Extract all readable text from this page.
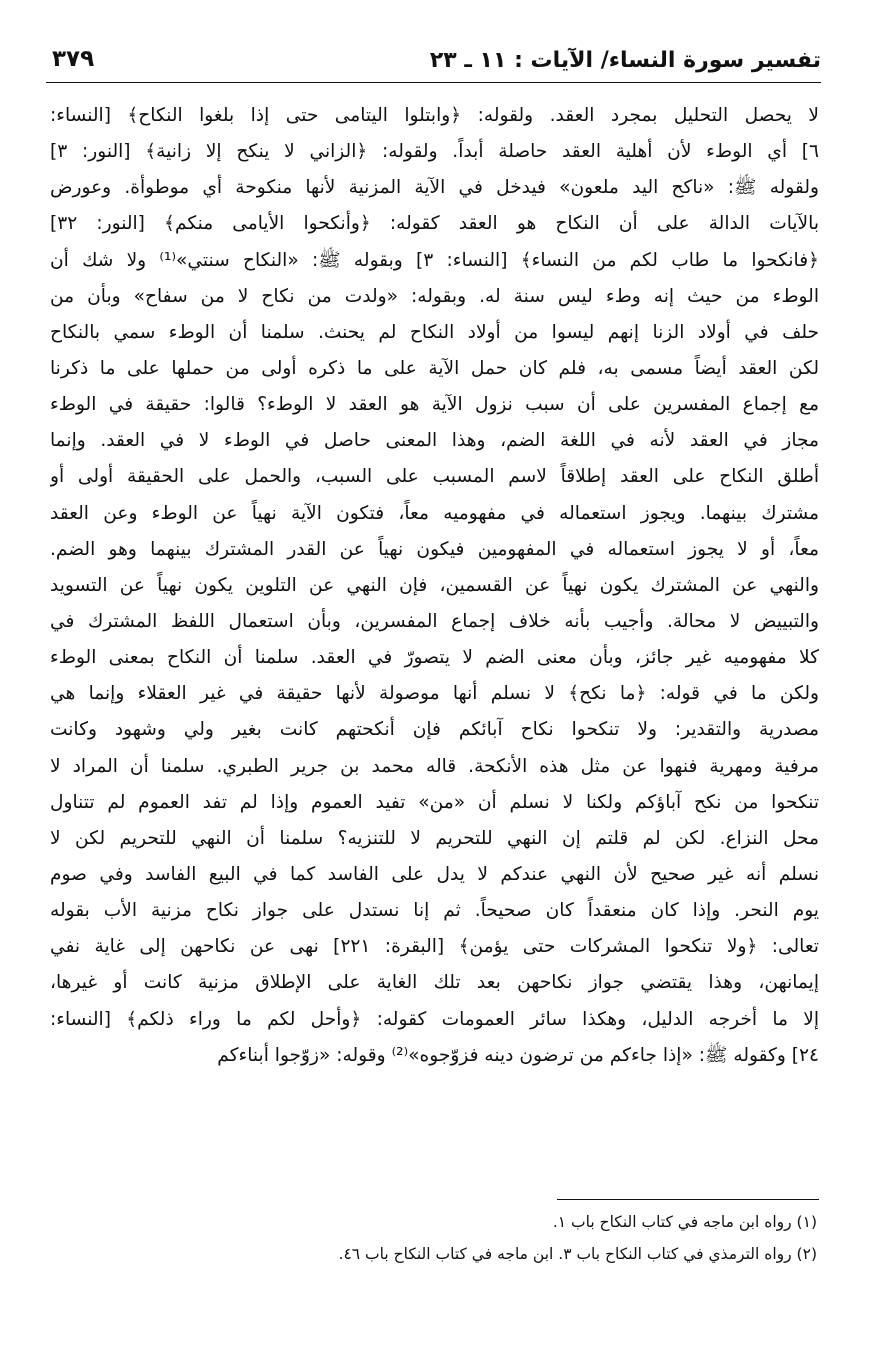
تفسير سورة النساء/ الآيات : ١١ ـ ٢٣
٣٧٩
لا يحصل التحليل بمجرد العقد. ولقوله: ﴿وابتلوا اليتامى حتى إذا بلغوا النكاح﴾ [النساء:
٦] أي الوطء لأن أهلية العقد حاصلة أبداً. ولقوله: ﴿الزاني لا ينكح إلا زانية﴾ [النور: ٣]
ولقوله ﷺ: «ناكح اليد ملعون» فيدخل في الآية المزنية لأنها منكوحة أي موطوأة. وعورض
بالآيات الدالة على أن النكاح هو العقد كقوله: ﴿وأنكحوا الأيامى منكم﴾ [النور: ٣٢]
﴿فانكحوا ما طاب لكم من النساء﴾ [النساء: ٣] وبقوله ﷺ: «النكاح سنتي»⁽¹⁾ ولا شك أن
الوطء من حيث إنه وطء ليس سنة له. وبقوله: «ولدت من نكاح لا من سفاح» وبأن من
حلف في أولاد الزنا إنهم ليسوا من أولاد النكاح لم يحنث. سلمنا أن الوطء سمي بالنكاح
لكن العقد أيضاً مسمى به، فلم كان حمل الآية على ما ذكره أولى من حملها على ما ذكرنا
مع إجماع المفسرين على أن سبب نزول الآية هو العقد لا الوطء؟ قالوا: حقيقة في الوطء
مجاز في العقد لأنه في اللغة الضم، وهذا المعنى حاصل في الوطء لا في العقد. وإنما
أطلق النكاح على العقد إطلاقاً لاسم المسبب على السبب، والحمل على الحقيقة أولى أو
مشترك بينهما. ويجوز استعماله في مفهوميه معاً، فتكون الآية نهياً عن الوطء وعن العقد
معاً، أو لا يجوز استعماله في المفهومين فيكون نهياً عن القدر المشترك بينهما وهو الضم.
والنهي عن المشترك يكون نهياً عن القسمين، فإن النهي عن التلوين يكون نهياً عن التسويد
والتبييض لا محالة. وأجيب بأنه خلاف إجماع المفسرين، وبأن استعمال اللفظ المشترك في
كلا مفهوميه غير جائز، وبأن معنى الضم لا يتصورّ في العقد. سلمنا أن النكاح بمعنى الوطء
ولكن ما في قوله: ﴿ما نكح﴾ لا نسلم أنها موصولة لأنها حقيقة في غير العقلاء وإنما هي
مصدرية والتقدير: ولا تنكحوا نكاح آبائكم فإن أنكحتهم كانت بغير ولي وشهود وكانت
مرفية ومهرية فنهوا عن مثل هذه الأنكحة. قاله محمد بن جرير الطبري. سلمنا أن المراد لا
تنكحوا من نكح آباؤكم ولكنا لا نسلم أن «من» تفيد العموم وإذا لم تفد العموم لم تتناول
محل النزاع. لكن لم قلتم إن النهي للتحريم لا للتنزيه؟ سلمنا أن النهي للتحريم لكن لا
نسلم أنه غير صحيح لأن النهي عندكم لا يدل على الفاسد كما في البيع الفاسد وفي صوم
يوم النحر. وإذا كان منعقداً كان صحيحاً. ثم إنا نستدل على جواز نكاح مزنية الأب بقوله
تعالى: ﴿ولا تنكحوا المشركات حتى يؤمن﴾ [البقرة: ٢٢١] نهى عن نكاحهن إلى غاية نفي
إيمانهن، وهذا يقتضي جواز نكاحهن بعد تلك الغاية على الإطلاق مزنية كانت أو غيرها،
إلا ما أخرجه الدليل، وهكذا سائر العمومات كقوله: ﴿وأحل لكم ما وراء ذلكم﴾ [النساء:
٢٤] وكقوله ﷺ: «إذا جاءكم من ترضون دينه فزوّجوه»⁽²⁾ وقوله: «زوّجوا أبناءكم
(١) رواه ابن ماجه في كتاب النكاح باب ١.
(٢) رواه الترمذي في كتاب النكاح باب ٣. ابن ماجه في كتاب النكاح باب ٤٦.
